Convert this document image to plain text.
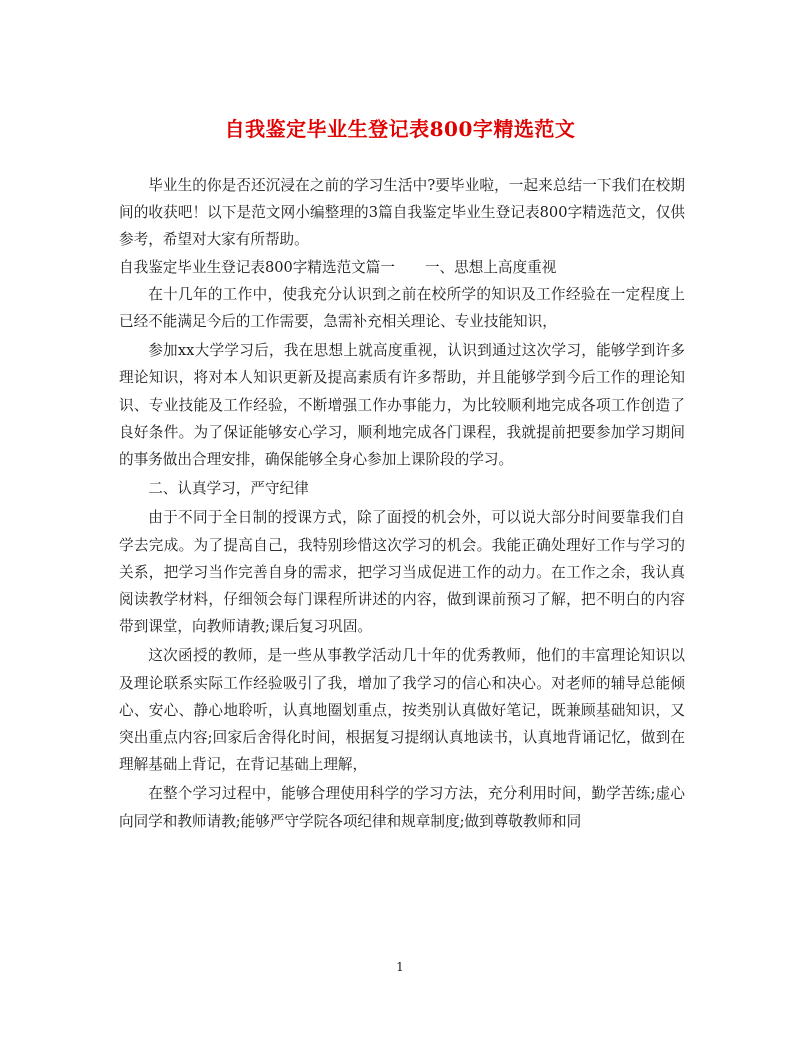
自我鉴定毕业生登记表800字精选范文

毕业生的你是否还沉浸在之前的学习生活中?要毕业啦，一起来总结一下我们在校期间的收获吧！以下是范文网小编整理的3篇自我鉴定毕业生登记表800字精选范文，仅供参考，希望对大家有所帮助。

自我鉴定毕业生登记表800字精选范文篇一 一、思想上高度重视

在十几年的工作中，使我充分认识到之前在校所学的知识及工作经验在一定程度上已经不能满足今后的工作需要，急需补充相关理论、专业技能知识，

参加xx大学学习后，我在思想上就高度重视，认识到通过这次学习，能够学到许多理论知识，将对本人知识更新及提高素质有许多帮助，并且能够学到今后工作的理论知识、专业技能及工作经验，不断增强工作办事能力，为比较顺利地完成各项工作创造了良好条件。为了保证能够安心学习，顺利地完成各门课程，我就提前把要参加学习期间的事务做出合理安排，确保能够全身心参加上课阶段的学习。

二、认真学习，严守纪律

由于不同于全日制的授课方式，除了面授的机会外，可以说大部分时间要靠我们自学去完成。为了提高自己，我特别珍惜这次学习的机会。我能正确处理好工作与学习的关系，把学习当作完善自身的需求，把学习当成促进工作的动力。在工作之余，我认真阅读教学材料，仔细领会每门课程所讲述的内容，做到课前预习了解，把不明白的内容带到课堂，向教师请教;课后复习巩固。

这次函授的教师，是一些从事教学活动几十年的优秀教师，他们的丰富理论知识以及理论联系实际工作经验吸引了我，增加了我学习的信心和决心。对老师的辅导总能倾心、安心、静心地聆听，认真地圈划重点，按类别认真做好笔记，既兼顾基础知识，又突出重点内容;回家后舍得化时间，根据复习提纲认真地读书，认真地背诵记忆，做到在理解基础上背记，在背记基础上理解，

在整个学习过程中，能够合理使用科学的学习方法，充分利用时间，勤学苦练;虚心向同学和教师请教;能够严守学院各项纪律和规章制度;做到尊敬教师和同

1
